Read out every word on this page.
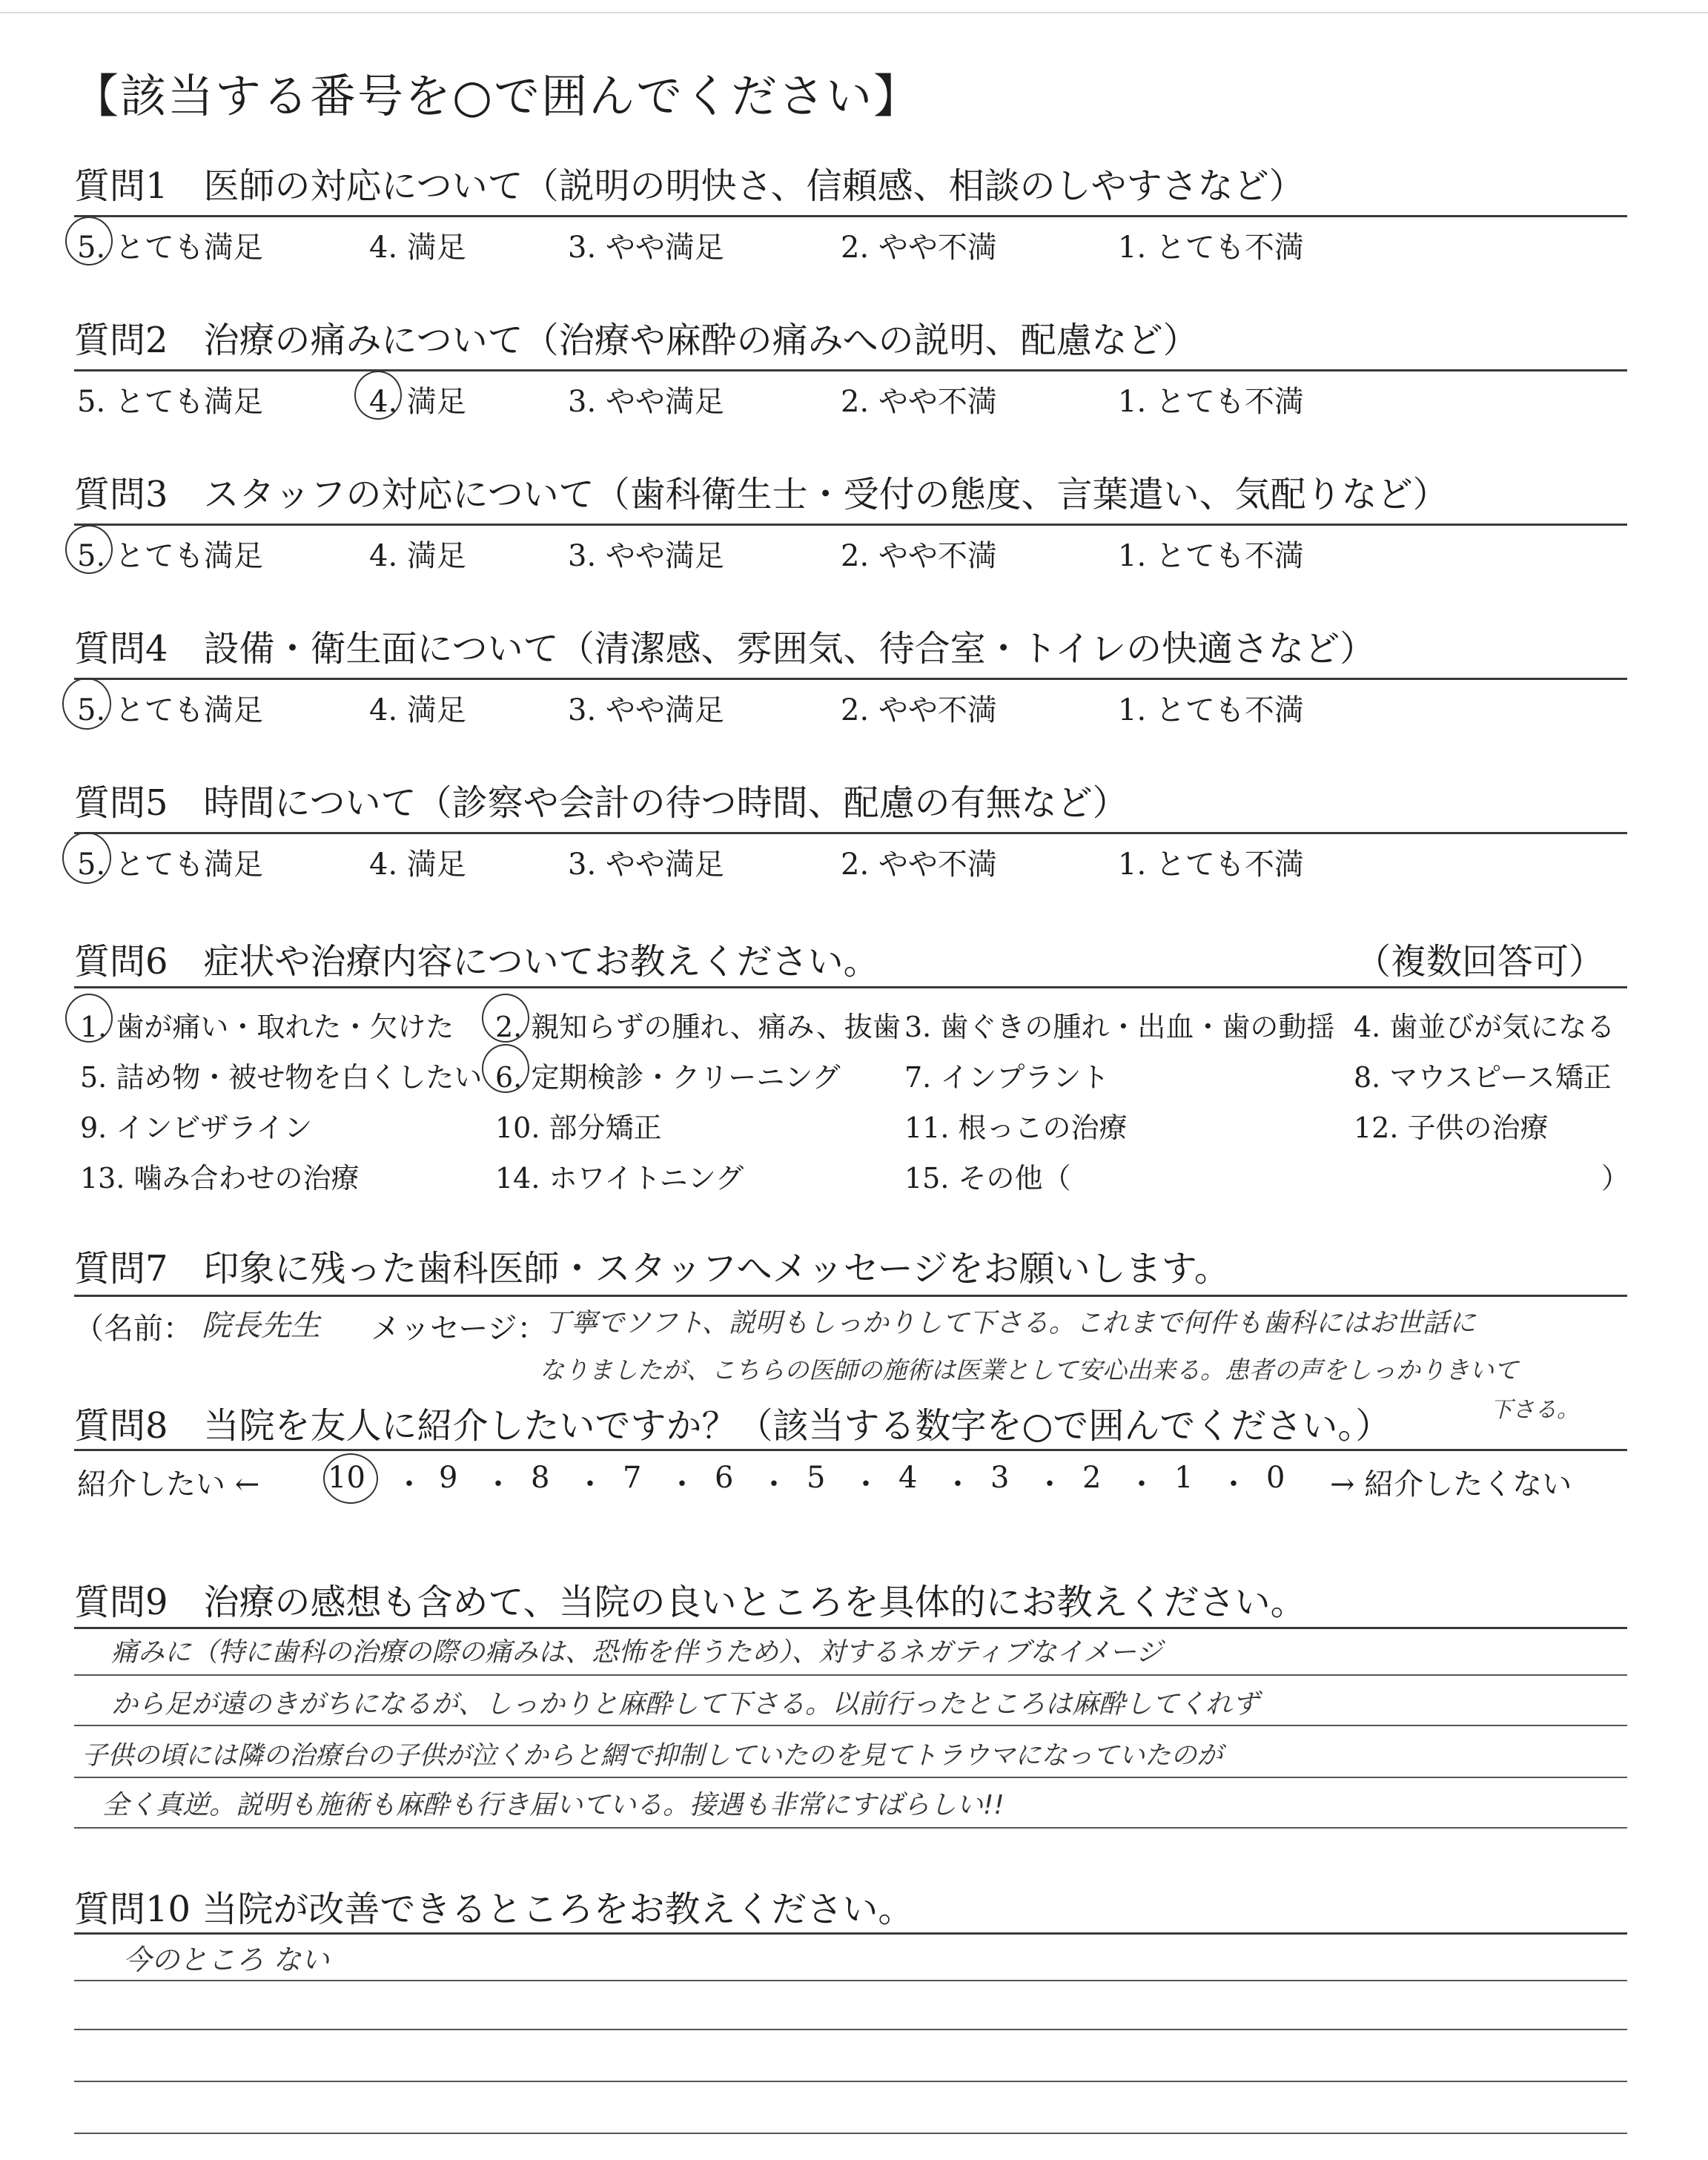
【該当する番号を○で囲んでください】
質問1　医師の対応について（説明の明快さ、信頼感、相談のしやすさなど）
5. とても満足	4. 満足	3. やや満足	2. やや不満	1. とても不満
質問2　治療の痛みについて（治療や麻酔の痛みへの説明、配慮など）
5. とても満足	4. 満足	3. やや満足	2. やや不満	1. とても不満
質問3　スタッフの対応について（歯科衛生士・受付の態度、言葉遣い、気配りなど）
5. とても満足	4. 満足	3. やや満足	2. やや不満	1. とても不満
質問4　設備・衛生面について（清潔感、雰囲気、待合室・トイレの快適さなど）
5. とても満足	4. 満足	3. やや満足	2. やや不満	1. とても不満
質問5　時間について（診察や会計の待つ時間、配慮の有無など）
5. とても満足	4. 満足	3. やや満足	2. やや不満	1. とても不満
質問6　症状や治療内容についてお教えください。	（複数回答可）
1. 歯が痛い・取れた・欠けた 2. 親知らずの腫れ、痛み、抜歯 3. 歯ぐきの腫れ・出血・歯の動揺 4. 歯並びが気になる
5. 詰め物・被せ物を白くしたい 6. 定期検診・クリーニング 7. インプラント	8. マウスピース矯正
9. インビザライン	10. 部分矯正	11. 根っこの治療	12. 子供の治療
13. 噛み合わせの治療	14. ホワイトニング	15. その他（	）
質問7　印象に残った歯科医師・スタッフへメッセージをお願いします。
（名前： 院長先生 メッセージ：
丁寧でソフト、説明もしっかりして下さる。これまで何件も歯科にはお世話に
なりましたが、こちらの医師の施術は医業として安心出来る。患者の声をしっかりきいて
質問8　当院を友人に紹介したいですか？（該当する数字を○で囲んでください。）	下さる。
紹介したい ← 10 ・ 9 ・ 8 ・ 7 ・ 6 ・ 5 ・ 4 ・ 3 ・ 2 ・ 1 ・ 0 → 紹介したくない
質問9　治療の感想も含めて、当院の良いところを具体的にお教えください。
痛みに（特に歯科の治療の際の痛みは、恐怖を伴うため）、対するネガティブなイメージ
から足が遠のきがちになるが、しっかりと麻酔して下さる。以前行ったところは麻酔してくれず
子供の頃には隣の治療台の子供が泣くからと網で抑制していたのを見てトラウマになっていたのが
全く真逆。説明も施術も麻酔も行き届いている。接遇も非常にすばらしい!!
質問10 当院が改善できるところをお教えください。
今のところ ない
